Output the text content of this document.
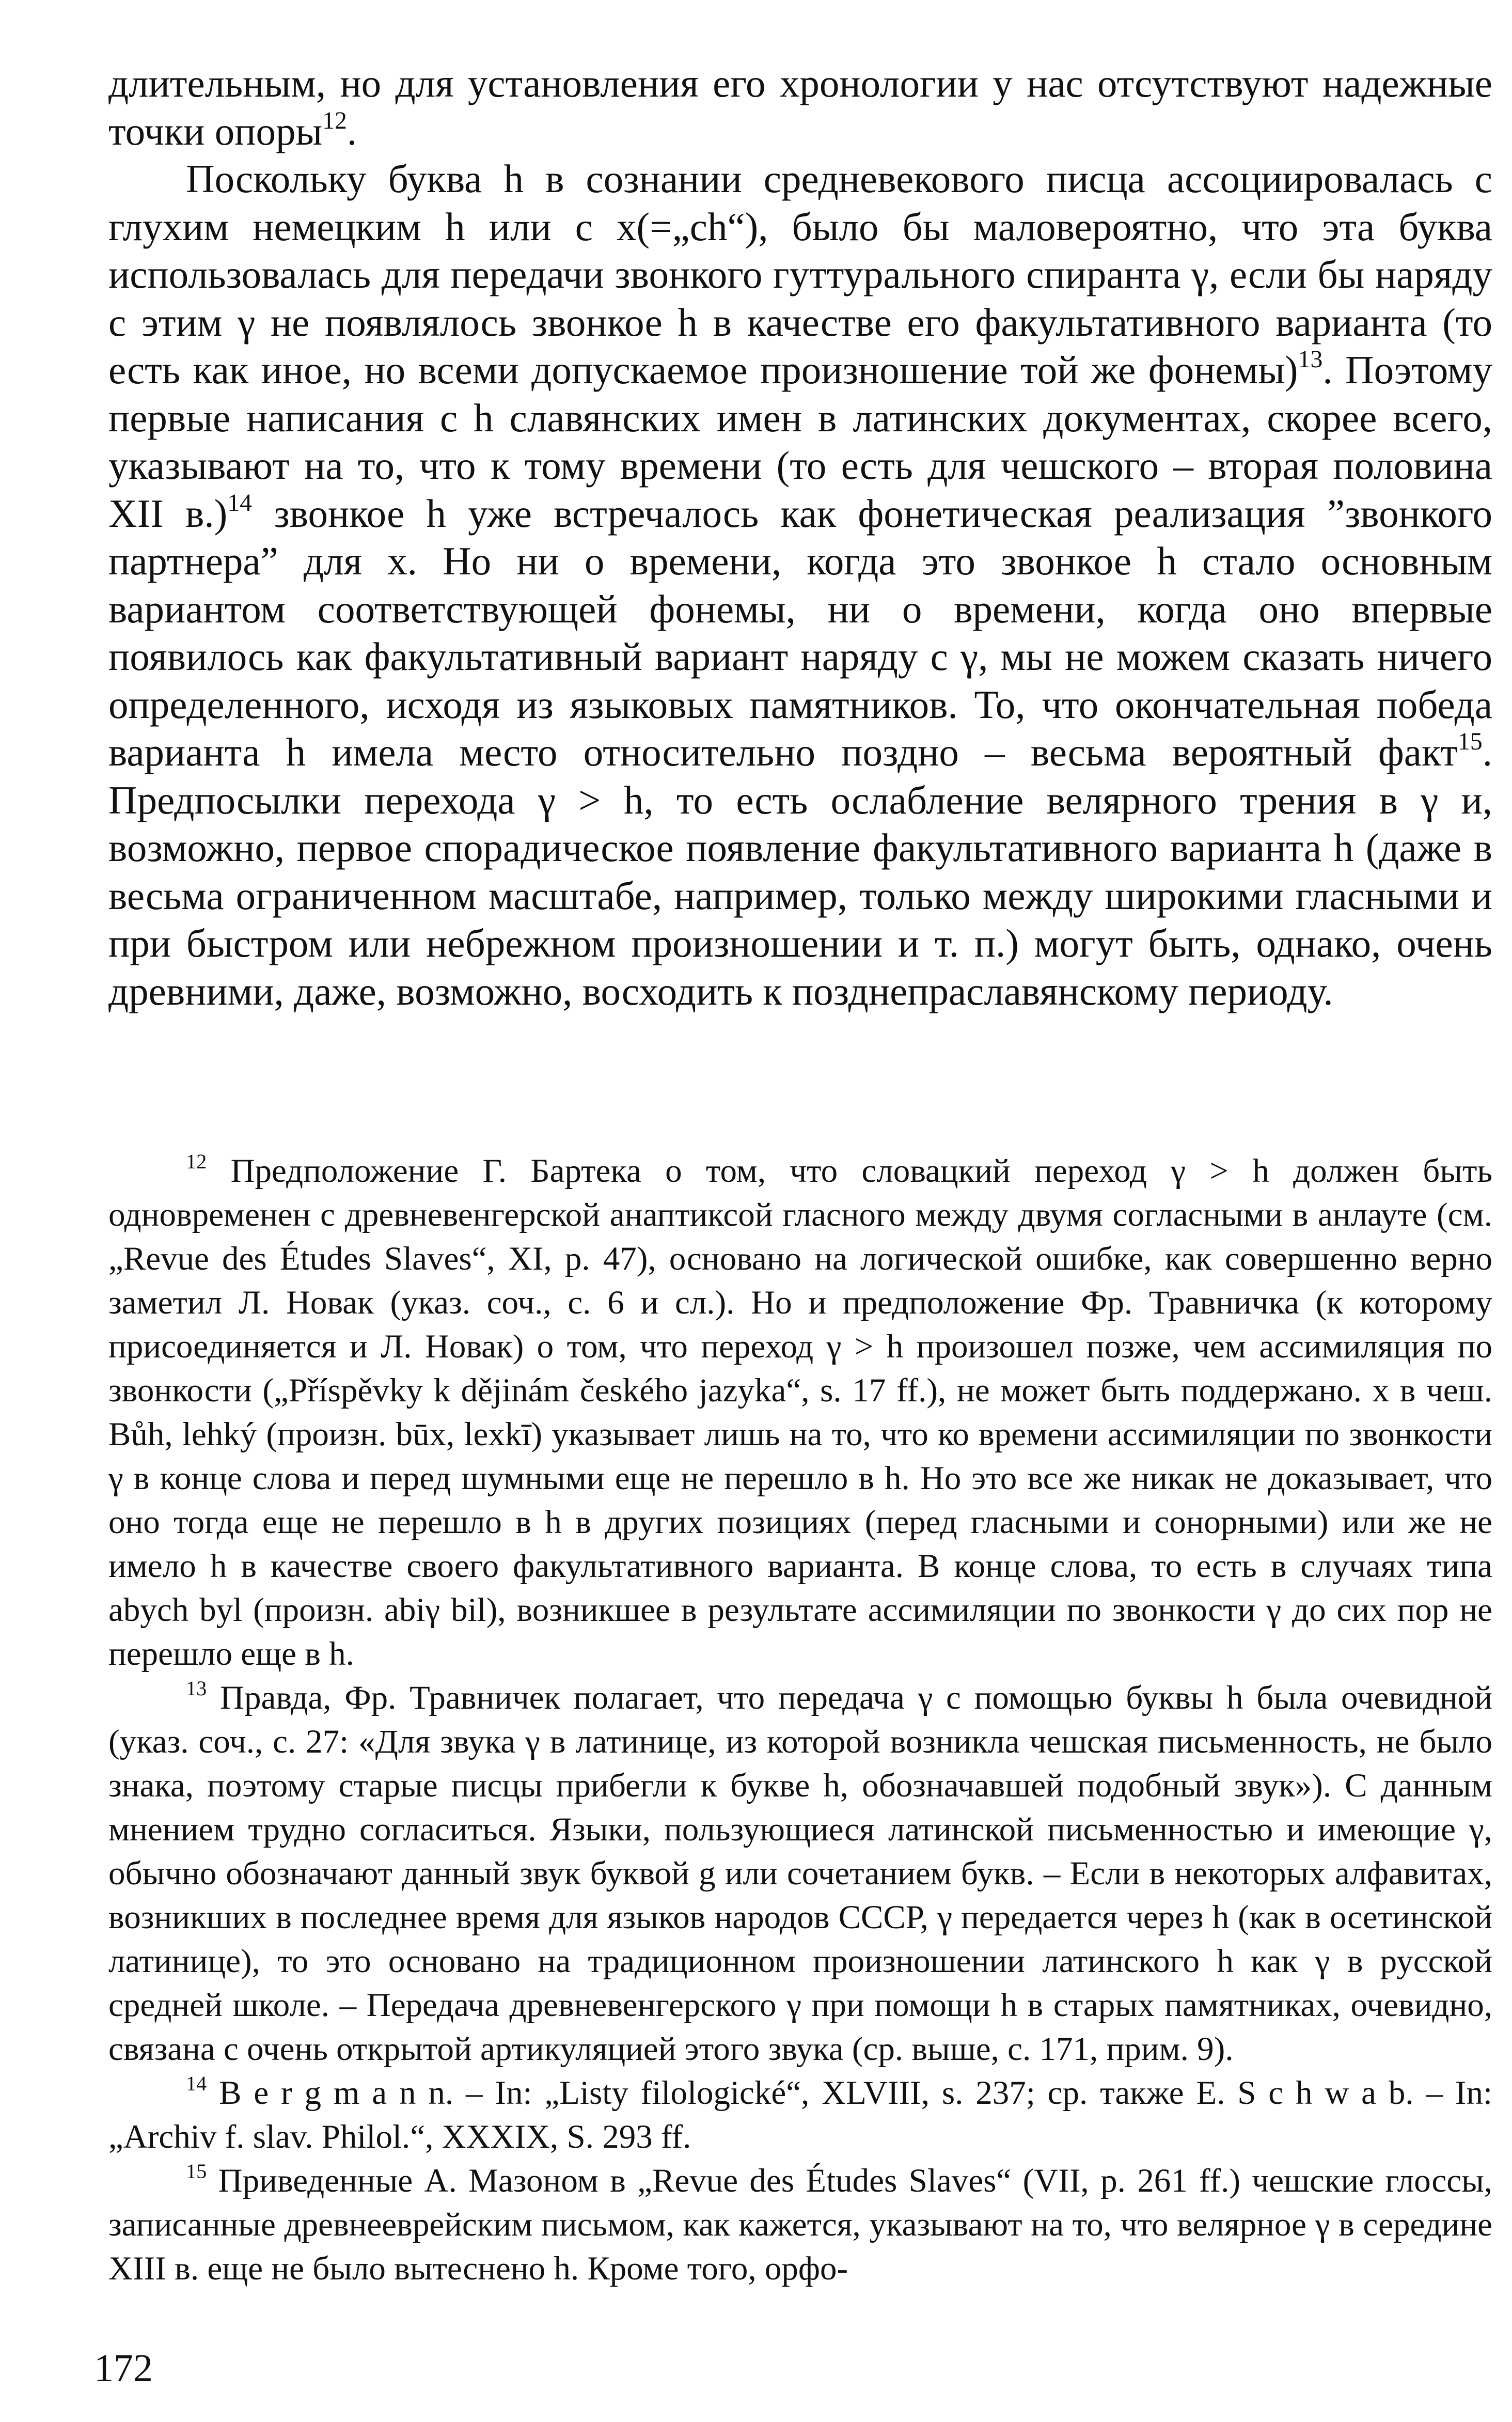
длительным, но для установления его хронологии у нас отсутствуют надежные точки опоры$^{12}$.

Поскольку буква h в сознании средневекового писца ассоциировалась с глухим немецким h или с x(=„ch“), было бы маловероятно, что эта буква использовалась для передачи звонкого гуттурального спиранта γ, если бы наряду с этим γ не появлялось звонкое h в качестве его факультативного варианта (то есть как иное, но всеми допускаемое произношение той же фонемы)$^{13}$. Поэтому первые написания с h славянских имен в латинских документах, скорее всего, указывают на то, что к тому времени (то есть для чешского – вторая половина XII в.)$^{14}$ звонкое h уже встречалось как фонетическая реализация ”звонкого партнера” для x. Но ни о времени, когда это звонкое h стало основным вариантом соответствующей фонемы, ни о времени, когда оно впервые появилось как факультативный вариант наряду с γ, мы не можем сказать ничего определенного, исходя из языковых памятников. То, что окончательная победа варианта h имела место относительно поздно – весьма вероятный факт$^{15}$. Предпосылки перехода γ > h, то есть ослабление велярного трения в γ и, возможно, первое спорадическое появление факультативного варианта h (даже в весьма ограниченном масштабе, например, только между широкими гласными и при быстром или небрежном произношении и т. п.) могут быть, однако, очень древними, даже, возможно, восходить к позднепраславянскому периоду.

$^{12}$ Предположение Г. Бартека о том, что словацкий переход γ > h должен быть одновременен с древневенгерской анаптиксой гласного между двумя согласными в анлауте (см. „Revue des Études Slaves“, XI, p. 47), основано на логической ошибке, как совершенно верно заметил Л. Новак (указ. соч., с. 6 и сл.). Но и предположение Фр. Травничка (к которому присоединяется и Л. Новак) о том, что переход γ > h произошел позже, чем ассимиляция по звонкости („Příspěvky k dějinám českého jazyka“, s. 17 ff.), не может быть поддержано. x в чеш. Bůh, lehký (произн. būx, lexkī) указывает лишь на то, что ко времени ассимиляции по звонкости γ в конце слова и перед шумными еще не перешло в h. Но это все же никак не доказывает, что оно тогда еще не перешло в h в других позициях (перед гласными и сонорными) или же не имело h в качестве своего факультативного варианта. В конце слова, то есть в случаях типа abych byl (произн. abiγ bil), возникшее в результате ассимиляции по звонкости γ до сих пор не перешло еще в h.

$^{13}$ Правда, Фр. Травничек полагает, что передача γ с помощью буквы h была очевидной (указ. соч., с. 27: «Для звука γ в латинице, из которой возникла чешская письменность, не было знака, поэтому старые писцы прибегли к букве h, обозначавшей подобный звук»). С данным мнением трудно согласиться. Языки, пользующиеся латинской письменностью и имеющие γ, обычно обозначают данный звук буквой g или сочетанием букв. – Если в некоторых алфавитах, возникших в последнее время для языков народов СССР, γ передается через h (как в осетинской латинице), то это основано на традиционном произношении латинского h как γ в русской средней школе. – Передача древневенгерского γ при помощи h в старых памятниках, очевидно, связана с очень открытой артикуляцией этого звука (ср. выше, с. 171, прим. 9).

$^{14}$ B e r g m a n n. – In: „Listy filologické“, XLVIII, s. 237; ср. также E. S c h w a b. – In: „Archiv f. slav. Philol.“, XXXIX, S. 293 ff.

$^{15}$ Приведенные А. Мазоном в „Revue des Études Slaves“ (VII, p. 261 ff.) чешские глоссы, записанные древнееврейским письмом, как кажется, указывают на то, что велярное γ в середине XIII в. еще не было вытеснено h. Кроме того, орфо-

172
